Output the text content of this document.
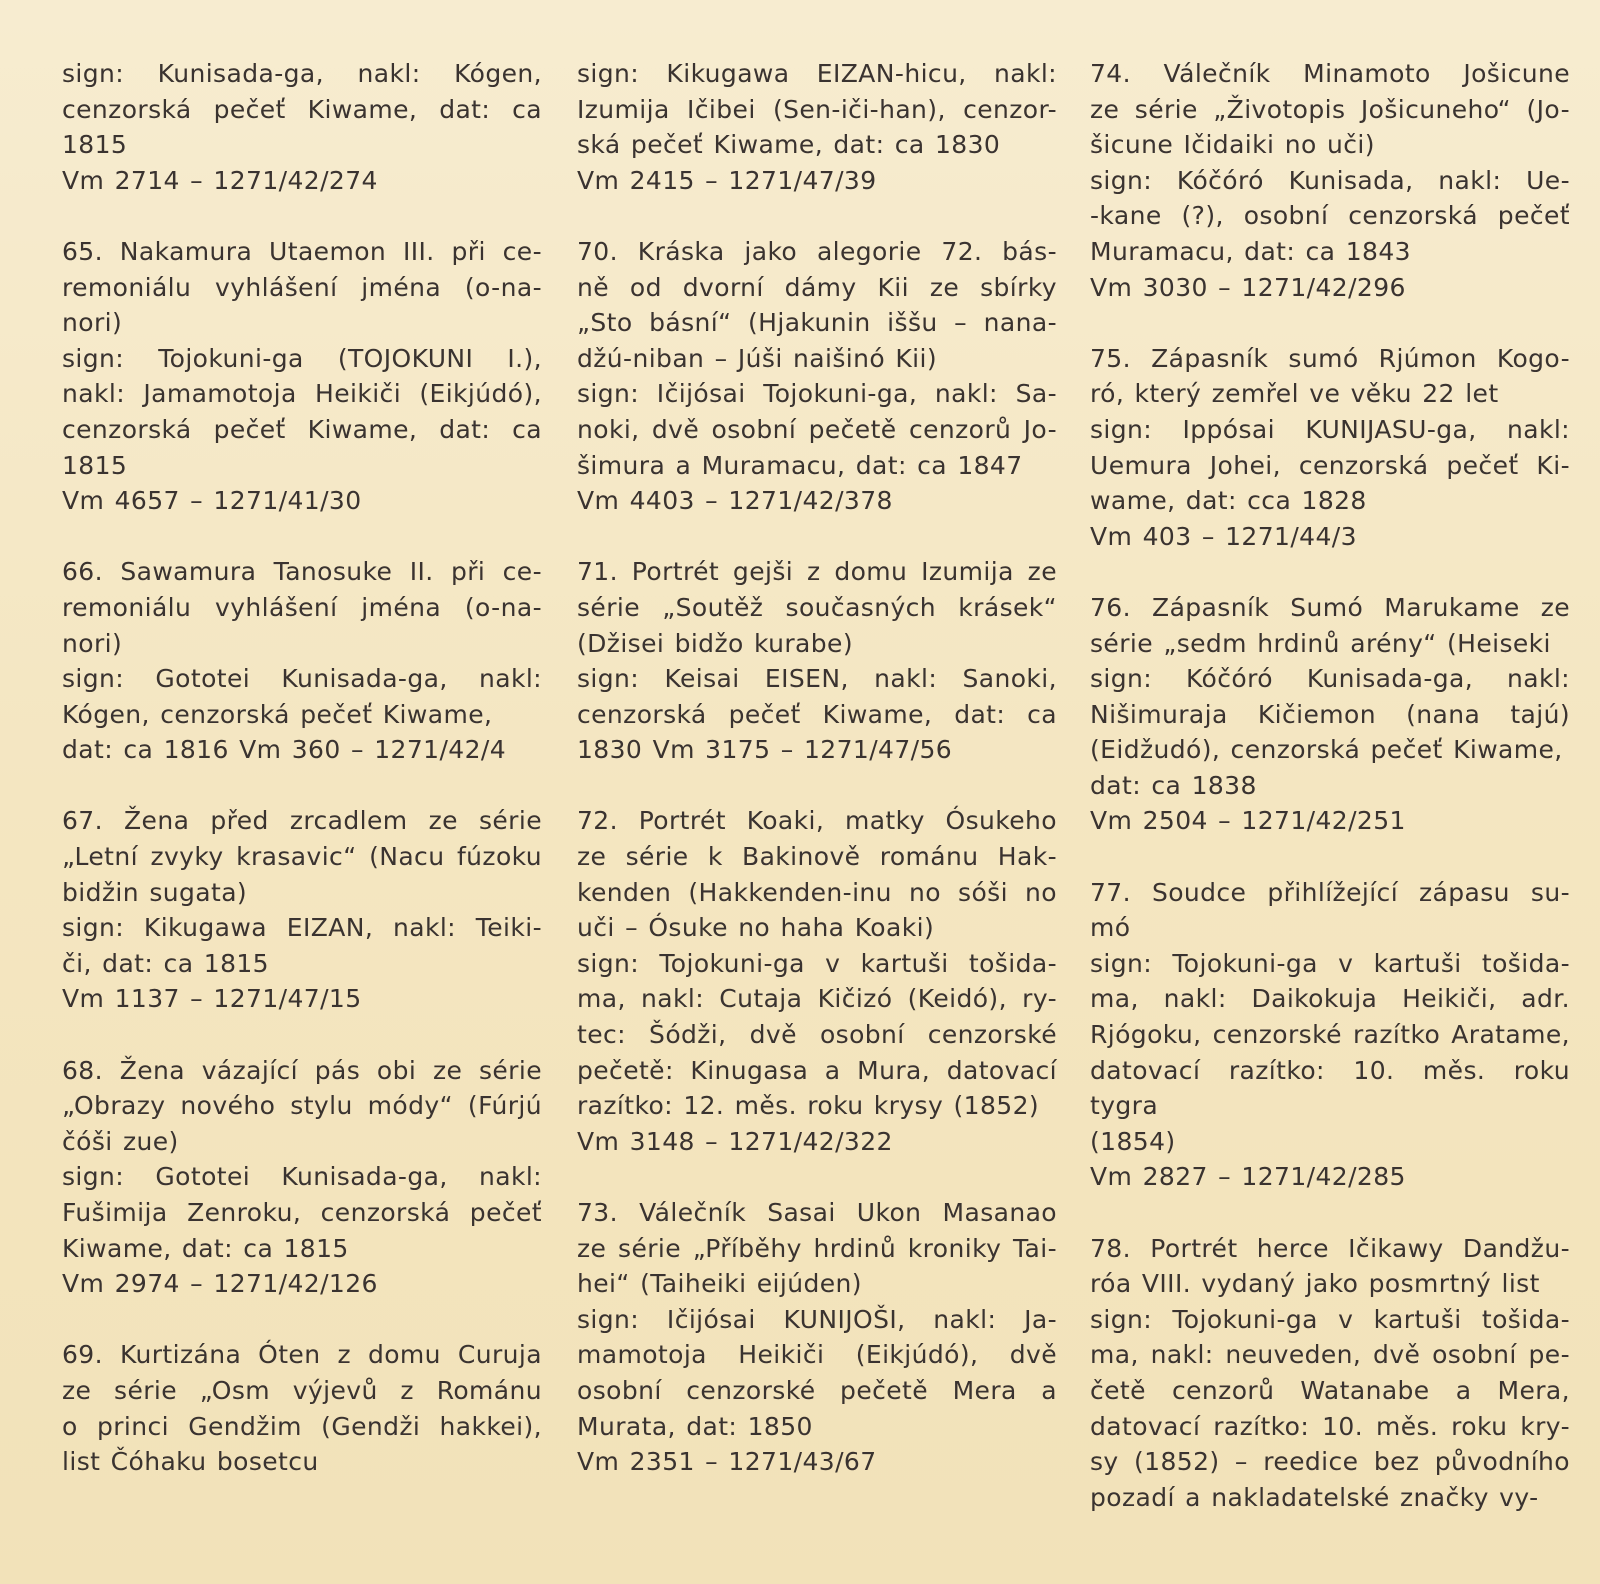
sign: Kunisada-ga, nakl: Kógen,
cenzorská pečeť Kiwame, dat: ca
1815
Vm 2714 – 1271/42/274
65. Nakamura Utaemon III. při ce-
remoniálu vyhlášení jména (o-na-
nori)
sign: Tojokuni-ga (TOJOKUNI I.),
nakl: Jamamotoja Heikiči (Eikjúdó),
cenzorská pečeť Kiwame, dat: ca
1815
Vm 4657 – 1271/41/30
66. Sawamura Tanosuke II. při ce-
remoniálu vyhlášení jména (o-na-
nori)
sign: Gototei Kunisada-ga, nakl:
Kógen, cenzorská pečeť Kiwame,
dat: ca 1816 Vm 360 – 1271/42/4
67. Žena před zrcadlem ze série
„Letní zvyky krasavic“ (Nacu fúzoku
bidžin sugata)
sign: Kikugawa EIZAN, nakl: Teiki-
či, dat: ca 1815
Vm 1137 – 1271/47/15
68. Žena vázající pás obi ze série
„Obrazy nového stylu módy“ (Fúrjú
čóši zue)
sign: Gototei Kunisada-ga, nakl:
Fušimija Zenroku, cenzorská pečeť
Kiwame, dat: ca 1815
Vm 2974 – 1271/42/126
69. Kurtizána Óten z domu Curuja
ze série „Osm výjevů z Románu
o princi Gendžim (Gendži hakkei),
list Čóhaku bosetcu
sign: Kikugawa EIZAN-hicu, nakl:
Izumija Ičibei (Sen-iči-han), cenzor-
ská pečeť Kiwame, dat: ca 1830
Vm 2415 – 1271/47/39
70. Kráska jako alegorie 72. bás-
ně od dvorní dámy Kii ze sbírky
„Sto básní“ (Hjakunin iššu – nana-
džú-niban – Júši naišinó Kii)
sign: Ičijósai Tojokuni-ga, nakl: Sa-
noki, dvě osobní pečetě cenzorů Jo-
šimura a Muramacu, dat: ca 1847
Vm 4403 – 1271/42/378
71. Portrét gejši z domu Izumija ze
série „Soutěž současných krásek“
(Džisei bidžo kurabe)
sign: Keisai EISEN, nakl: Sanoki,
cenzorská pečeť Kiwame, dat: ca
1830 Vm 3175 – 1271/47/56
72. Portrét Koaki, matky Ósukeho
ze série k Bakinově románu Hak-
kenden (Hakkenden-inu no sóši no
uči – Ósuke no haha Koaki)
sign: Tojokuni-ga v kartuši tošida-
ma, nakl: Cutaja Kičizó (Keidó), ry-
tec: Šódži, dvě osobní cenzorské
pečetě: Kinugasa a Mura, datovací
razítko: 12. měs. roku krysy (1852)
Vm 3148 – 1271/42/322
73. Válečník Sasai Ukon Masanao
ze série „Příběhy hrdinů kroniky Tai-
hei“ (Taiheiki eijúden)
sign: Ičijósai KUNIJOŠI, nakl: Ja-
mamotoja Heikiči (Eikjúdó), dvě
osobní cenzorské pečetě Mera a
Murata, dat: 1850
Vm 2351 – 1271/43/67
74. Válečník Minamoto Jošicune
ze série „Životopis Jošicuneho“ (Jo-
šicune Ičidaiki no uči)
sign: Kóčóró Kunisada, nakl: Ue-
-kane (?), osobní cenzorská pečeť
Muramacu, dat: ca 1843
Vm 3030 – 1271/42/296
75. Zápasník sumó Rjúmon Kogo-
ró, který zemřel ve věku 22 let
sign: Ippósai KUNIJASU-ga, nakl:
Uemura Johei, cenzorská pečeť Ki-
wame, dat: cca 1828
Vm 403 – 1271/44/3
76. Zápasník Sumó Marukame ze
série „sedm hrdinů arény“ (Heiseki
sign: Kóčóró Kunisada-ga, nakl:
Nišimuraja Kičiemon (nana tajú)
(Eidžudó), cenzorská pečeť Kiwame,
dat: ca 1838
Vm 2504 – 1271/42/251
77. Soudce přihlížející zápasu su-
mó
sign: Tojokuni-ga v kartuši tošida-
ma, nakl: Daikokuja Heikiči, adr.
Rjógoku, cenzorské razítko Aratame,
datovací razítko: 10. měs. roku tygra
(1854)
Vm 2827 – 1271/42/285
78. Portrét herce Ičikawy Dandžu-
róa VIII. vydaný jako posmrtný list
sign: Tojokuni-ga v kartuši tošida-
ma, nakl: neuveden, dvě osobní pe-
četě cenzorů Watanabe a Mera,
datovací razítko: 10. měs. roku kry-
sy (1852) – reedice bez původního
pozadí a nakladatelské značky vy-
